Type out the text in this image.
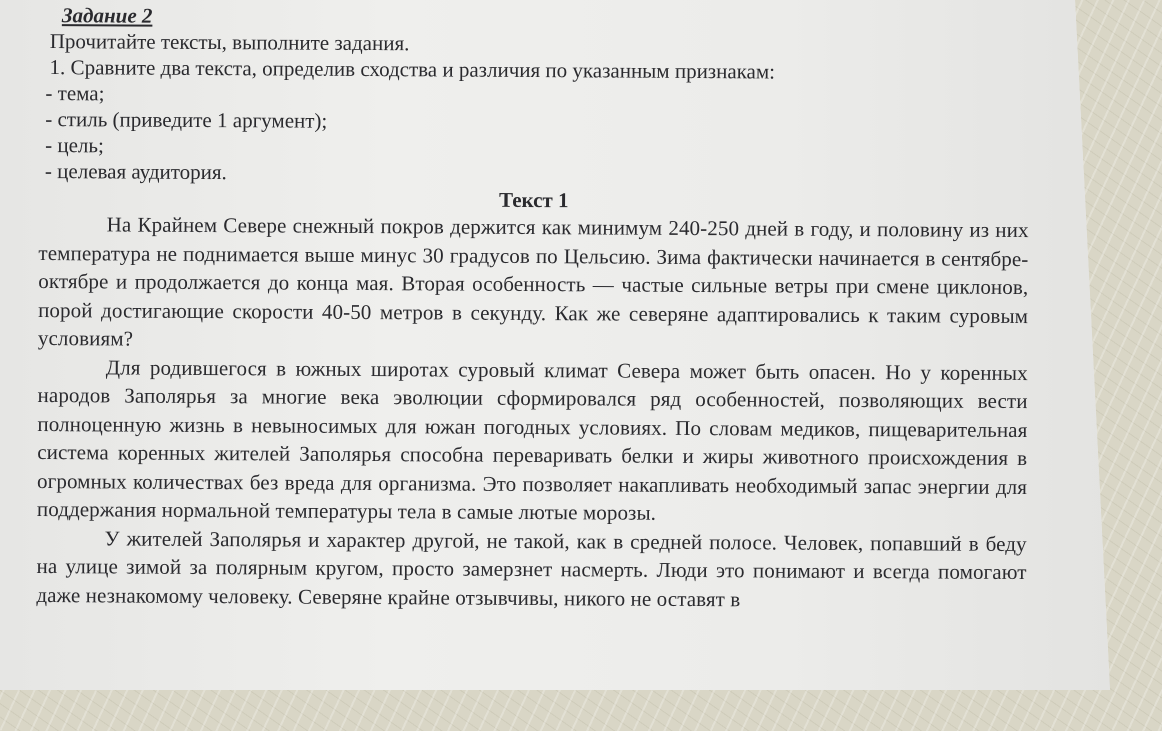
Задание 2

Прочитайте тексты, выполните задания.

1. Сравните два текста, определив сходства и различия по указанным признакам:

- тема;

- стиль (приведите 1 аргумент);

- цель;

- целевая аудитория.

Текст 1

На Крайнем Севере снежный покров держится как минимум 240-250 дней в году, и половину из них температура не поднимается выше минус 30 градусов по Цельсию. Зима фактически начинается в сентябре-октябре и продолжается до конца мая. Вторая особенность — частые сильные ветры при смене циклонов, порой достигающие скорости 40-50 метров в секунду. Как же северяне адаптировались к таким суровым условиям?

Для родившегося в южных широтах суровый климат Севера может быть опасен. Но у коренных народов Заполярья за многие века эволюции сформировался ряд особенностей, позволяющих вести полноценную жизнь в невыносимых для южан погодных условиях. По словам медиков, пищеварительная система коренных жителей Заполярья способна переваривать белки и жиры животного происхождения в огромных количествах без вреда для организма. Это позволяет накапливать необходимый запас энергии для поддержания нормальной температуры тела в самые лютые морозы.

У жителей Заполярья и характер другой, не такой, как в средней полосе. Человек, попавший в беду на улице зимой за полярным кругом, просто замерзнет насмерть. Люди это понимают и всегда помогают даже незнакомому человеку. Северяне крайне отзывчивы, никого не оставят в
